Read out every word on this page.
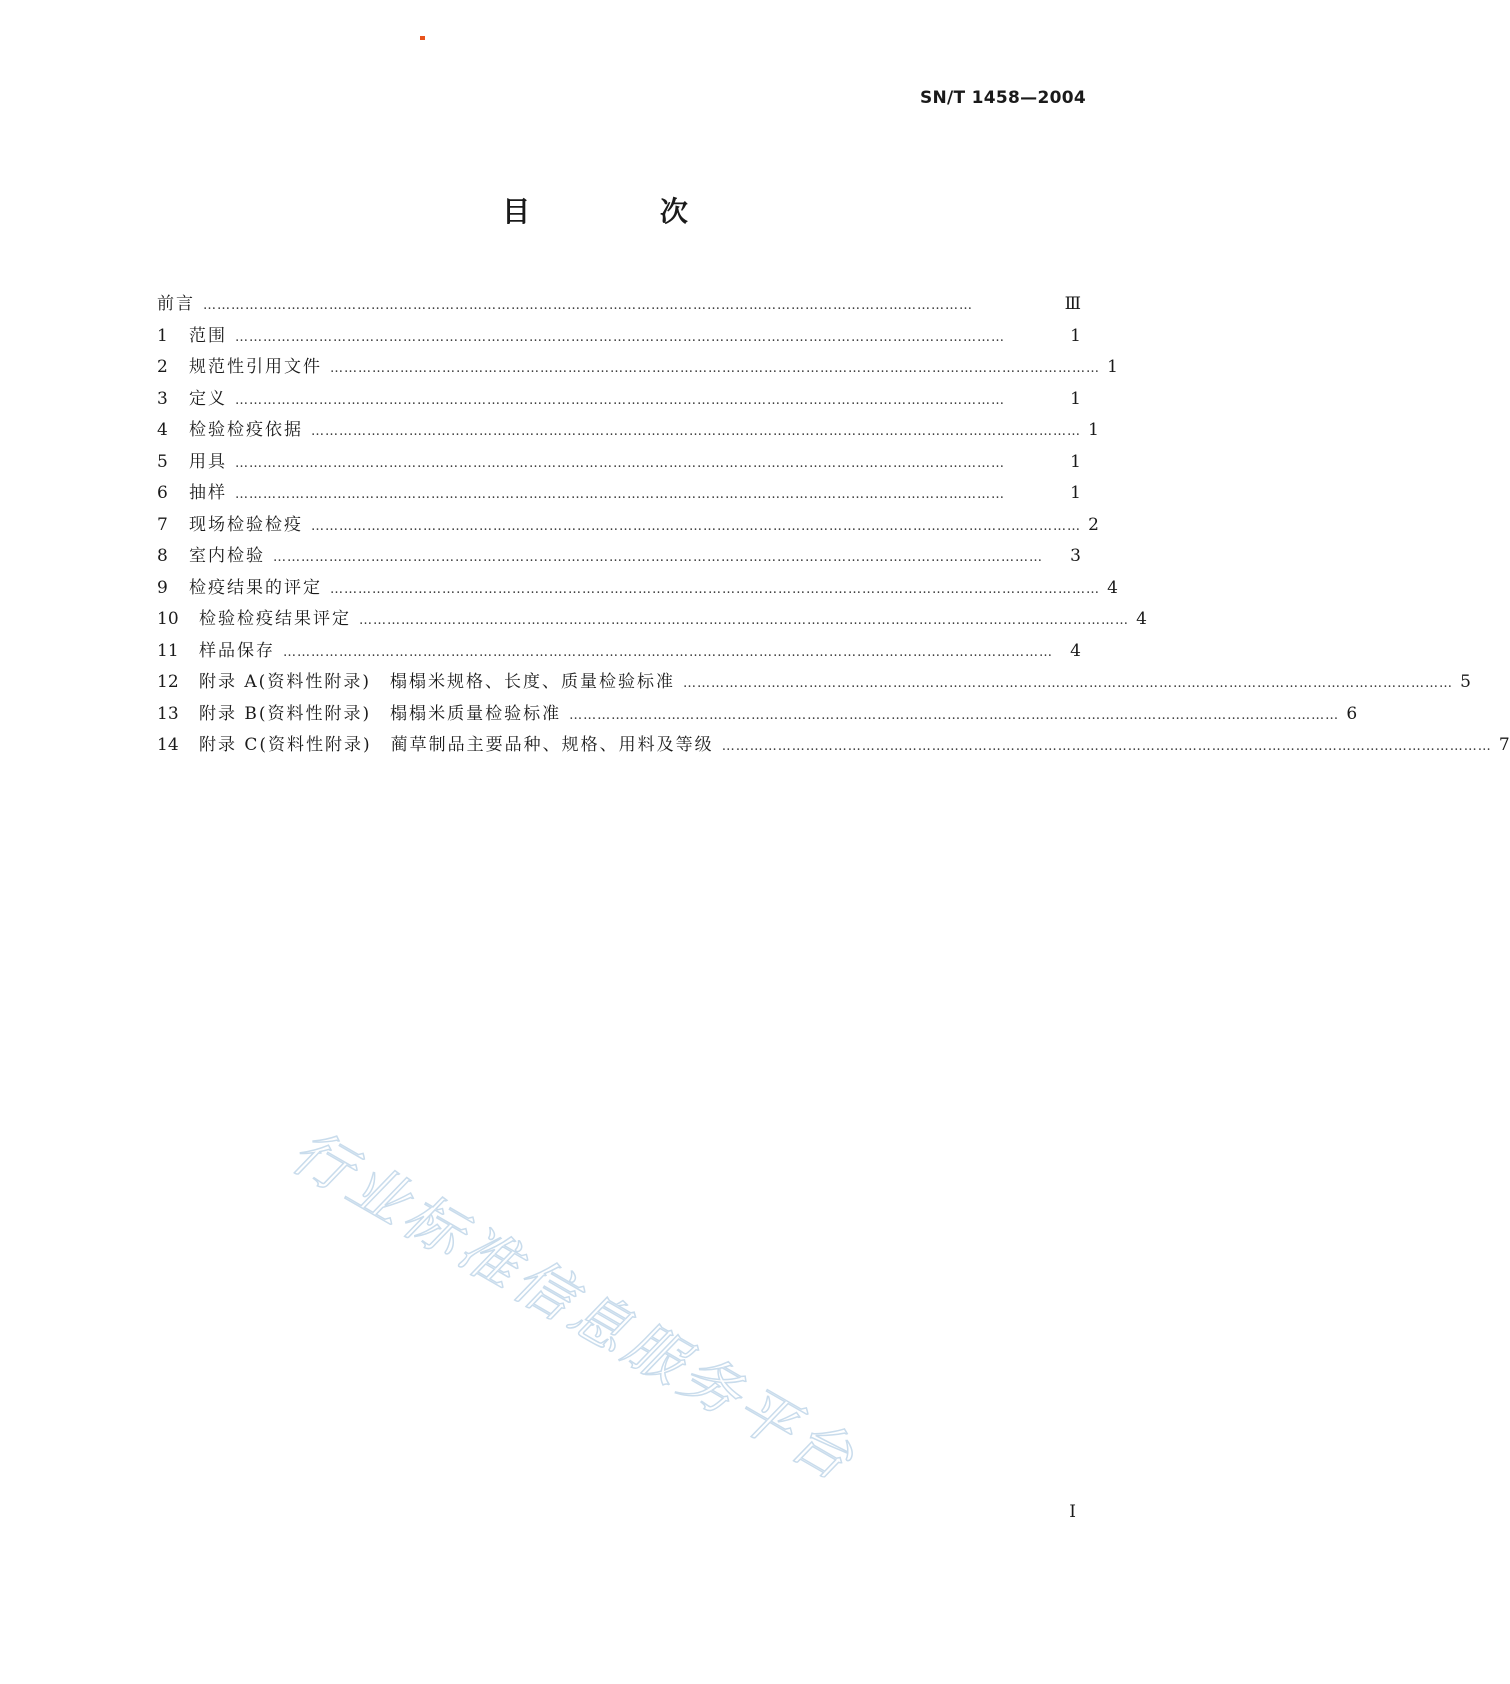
SN/T 1458—2004
目 次
前言 …………………………………………………………………………………………………………………………………………………	Ⅲ
1	范围 …………………………………………………………………………………………………………………………………………………	1
2	规范性引用文件 ………………………………………………………………………………………………………………………………………………… 1
3	定义 …………………………………………………………………………………………………………………………………………………	1
4	检验检疫依据 ………………………………………………………………………………………………………………………………………………… 1
5	用具 …………………………………………………………………………………………………………………………………………………	1
6	抽样 …………………………………………………………………………………………………………………………………………………	1
7	现场检验检疫 ………………………………………………………………………………………………………………………………………………… 2
8	室内检验 …………………………………………………………………………………………………………………………………………………	3
9	检疫结果的评定 ………………………………………………………………………………………………………………………………………………… 4
10	检验检疫结果评定 ………………………………………………………………………………………………………………………………………………… 4
11	样品保存 …………………………………………………………………………………………………………………………………………………	4
12	附录 A(资料性附录)　榻榻米规格、长度、质量检验标准 ………………………………………………………………………………………………………………………………………………… 5
13	附录 B(资料性附录)　榻榻米质量检验标准 ………………………………………………………………………………………………………………………………………………… 6
14	附录 C(资料性附录)　蔺草制品主要品种、规格、用料及等级 ………………………………………………………………………………………………………………………………………………… 7
行业标准信息服务平台
I
